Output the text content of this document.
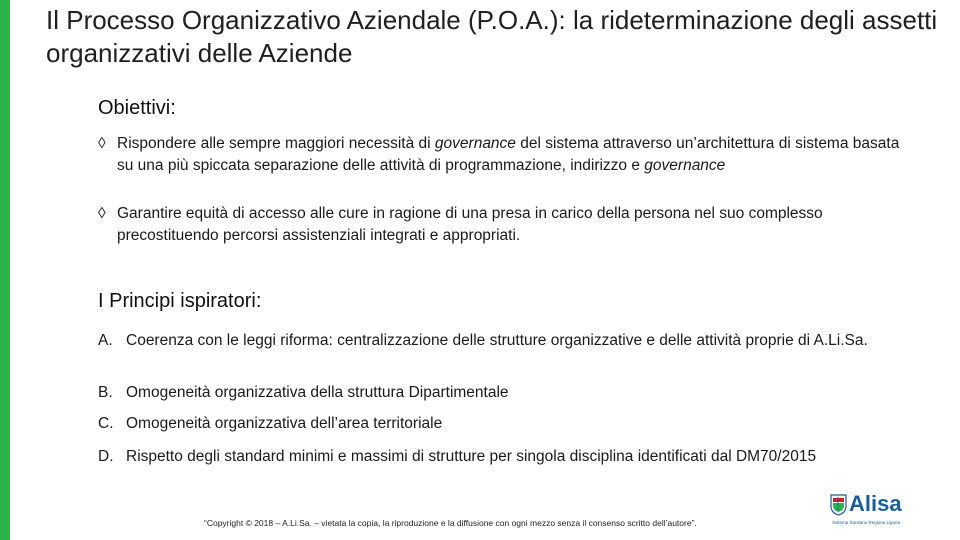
Il Processo Organizzativo Aziendale (P.O.A.): la rideterminazione degli assetti organizzativi delle Aziende
Obiettivi:
◊ Rispondere alle sempre maggiori necessità di governance del sistema attraverso un’architettura di sistema basata su una più spiccata separazione delle attività di programmazione, indirizzo e governance
◊ Garantire equità di accesso alle cure in ragione di una presa in carico della persona nel suo complesso precostituendo percorsi assistenziali integrati e appropriati.
I Principi ispiratori:
A. Coerenza con le leggi riforma: centralizzazione delle strutture organizzative e delle attività proprie di A.Li.Sa.
B. Omogeneità organizzativa della struttura Dipartimentale
C. Omogeneità organizzativa dell’area territoriale
D. Rispetto degli standard minimi e massimi di strutture per singola disciplina identificati dal DM70/2015
“Copyright © 2018 – A.Li.Sa. – vietata la copia, la riproduzione e la diffusione con ogni mezzo senza il consenso scritto dell’autore”.
Alisa
Sistema Sanitario Regione Liguria
